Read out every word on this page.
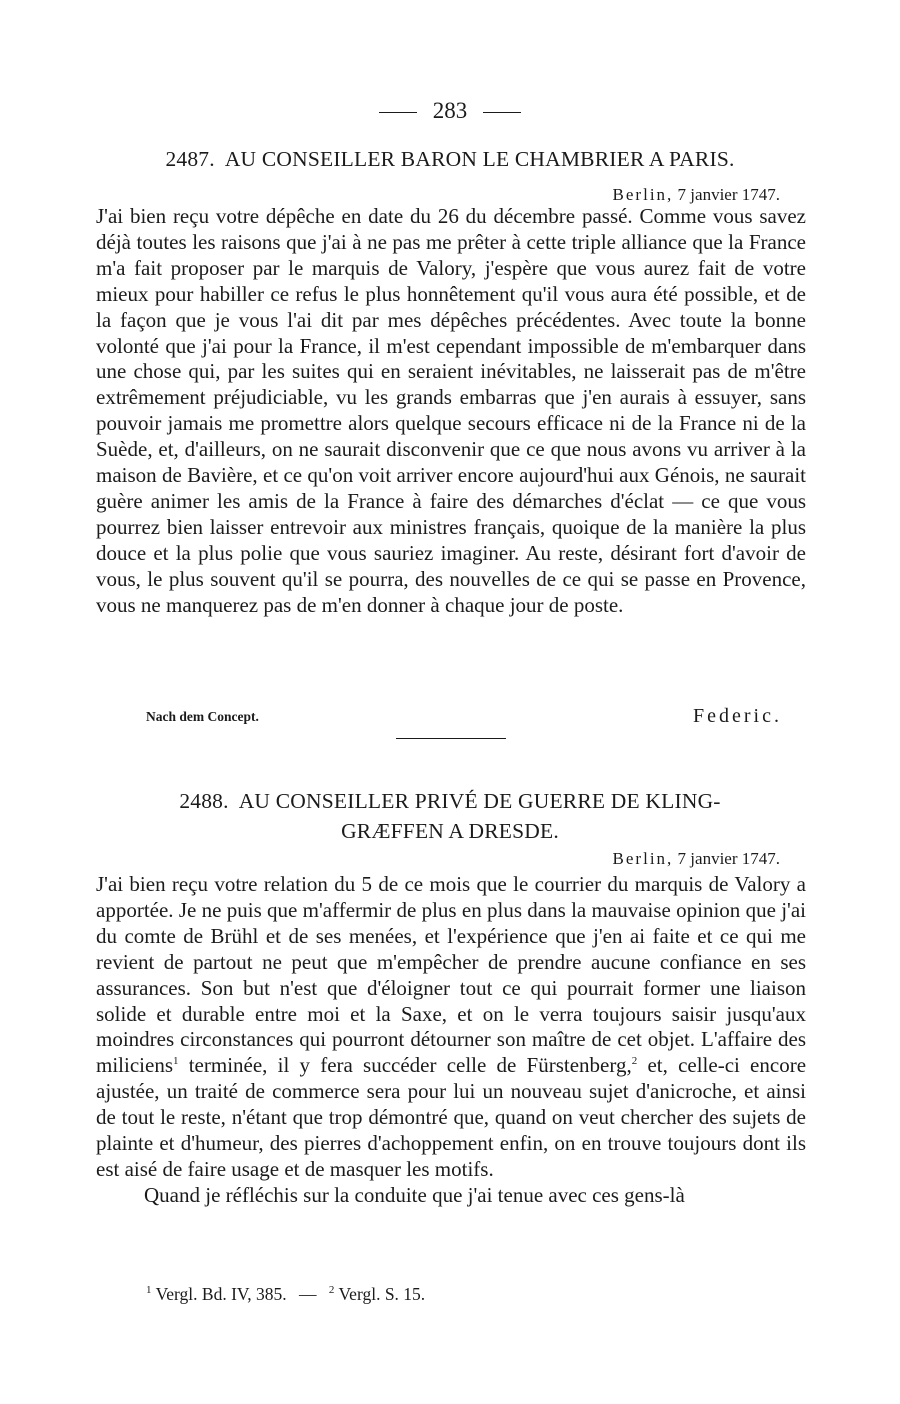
283
2487. AU CONSEILLER BARON LE CHAMBRIER A PARIS.
Berlin, 7 janvier 1747.

J'ai bien reçu votre dépêche en date du 26 du décembre passé. Comme vous savez déjà toutes les raisons que j'ai à ne pas me prêter à cette triple alliance que la France m'a fait proposer par le marquis de Valory, j'espère que vous aurez fait de votre mieux pour habiller ce refus le plus honnêtement qu'il vous aura été possible, et de la façon que je vous l'ai dit par mes dépêches précédentes. Avec toute la bonne volonté que j'ai pour la France, il m'est cependant impossible de m'embarquer dans une chose qui, par les suites qui en seraient inévitables, ne laisserait pas de m'être extrêmement préjudiciable, vu les grands embarras que j'en aurais à essuyer, sans pouvoir jamais me promettre alors quelque secours efficace ni de la France ni de la Suède, et, d'ailleurs, on ne saurait disconvenir que ce que nous avons vu arriver à la maison de Bavière, et ce qu'on voit arriver encore aujourd'hui aux Génois, ne saurait guère animer les amis de la France à faire des démarches d'éclat — ce que vous pourrez bien laisser entrevoir aux ministres français, quoique de la manière la plus douce et la plus polie que vous sauriez imaginer. Au reste, désirant fort d'avoir de vous, le plus souvent qu'il se pourra, des nouvelles de ce qui se passe en Provence, vous ne manquerez pas de m'en donner à chaque jour de poste.

Nach dem Concept.	Federic.
2488. AU CONSEILLER PRIVÉ DE GUERRE DE KLING-
GRÆFFEN A DRESDE.
Berlin, 7 janvier 1747.

J'ai bien reçu votre relation du 5 de ce mois que le courrier du marquis de Valory a apportée. Je ne puis que m'affermir de plus en plus dans la mauvaise opinion que j'ai du comte de Brühl et de ses menées, et l'expérience que j'en ai faite et ce qui me revient de partout ne peut que m'empêcher de prendre aucune confiance en ses assurances. Son but n'est que d'éloigner tout ce qui pourrait former une liaison solide et durable entre moi et la Saxe, et on le verra toujours saisir jusqu'aux moindres circonstances qui pourront détourner son maître de cet objet. L'affaire des miliciens$^1$ terminée, il y fera succéder celle de Fürstenberg,$^2$ et, celle-ci encore ajustée, un traité de commerce sera pour lui un nouveau sujet d'anicroche, et ainsi de tout le reste, n'étant que trop démontré que, quand on veut chercher des sujets de plainte et d'humeur, des pierres d'achoppement enfin, on en trouve toujours dont ils est aisé de faire usage et de masquer les motifs.

Quand je réfléchis sur la conduite que j'ai tenue avec ces gens-là

$^1$ Vergl. Bd. IV, 385. — $^2$ Vergl. S. 15.
